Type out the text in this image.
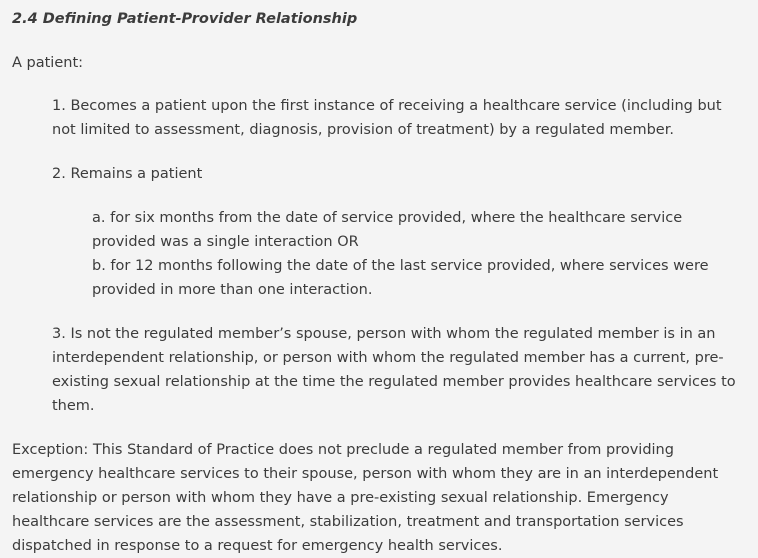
2.4 Defining Patient-Provider Relationship

A patient:

1. Becomes a patient upon the first instance of receiving a healthcare service (including but not limited to assessment, diagnosis, provision of treatment) by a regulated member.

2. Remains a patient

a. for six months from the date of service provided, where the healthcare service provided was a single interaction OR

b. for 12 months following the date of the last service provided, where services were provided in more than one interaction.

3. Is not the regulated member’s spouse, person with whom the regulated member is in an interdependent relationship, or person with whom the regulated member has a current, pre-existing sexual relationship at the time the regulated member provides healthcare services to them.

Exception: This Standard of Practice does not preclude a regulated member from providing emergency healthcare services to their spouse, person with whom they are in an interdependent relationship or person with whom they have a pre-existing sexual relationship. Emergency healthcare services are the assessment, stabilization, treatment and transportation services dispatched in response to a request for emergency health services.
